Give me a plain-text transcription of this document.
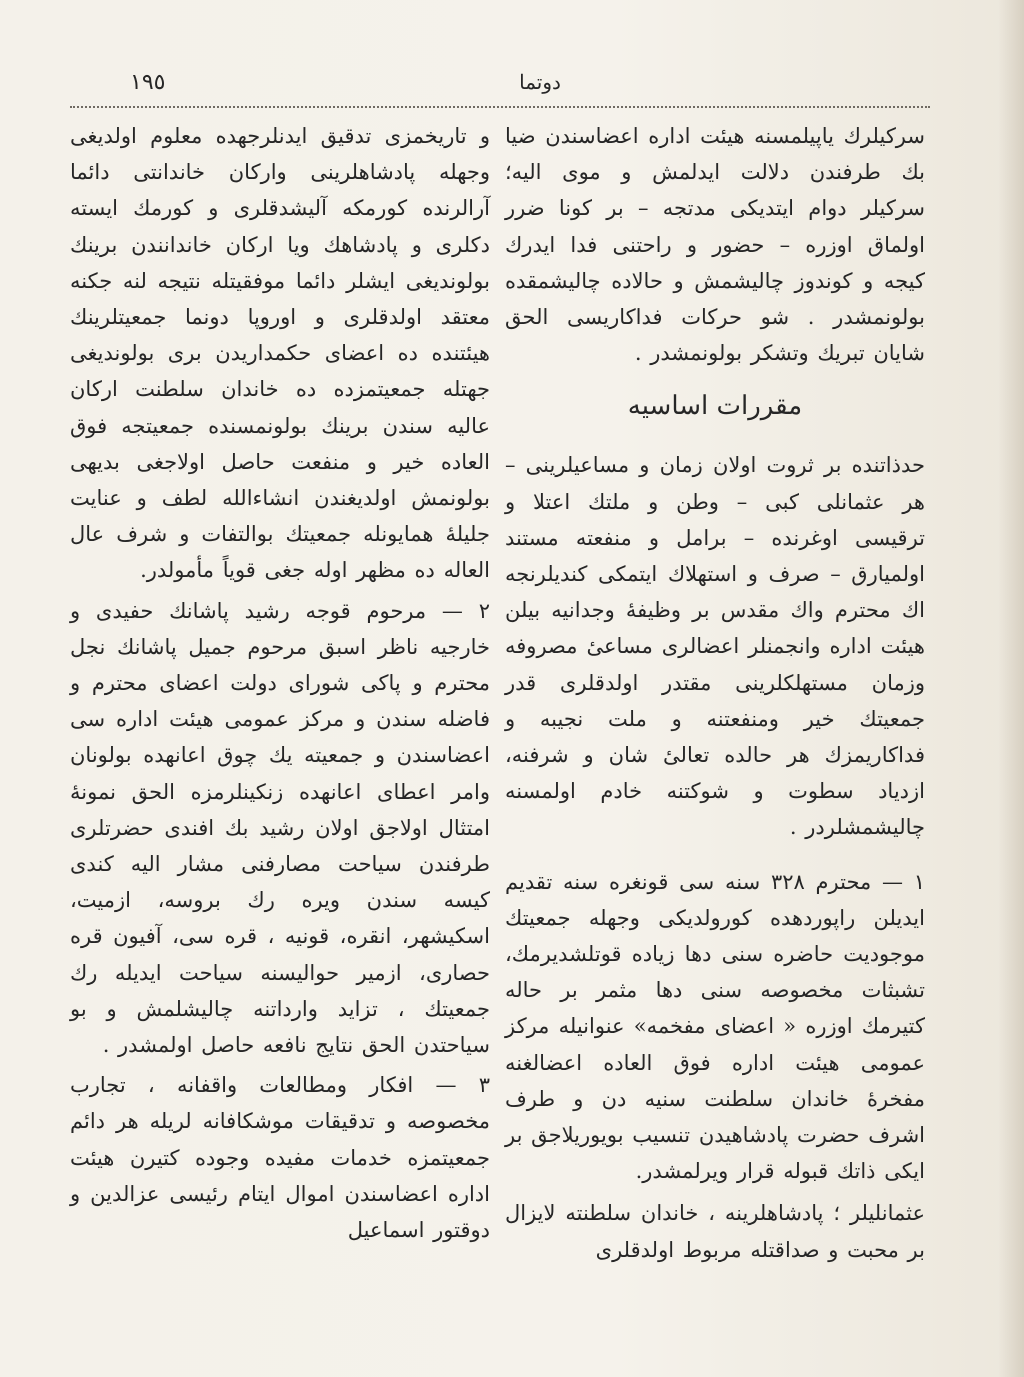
١٩٥	دوتما

سرکیلرك یاپیلمسنه هیئت اداره اعضاسندن ضیا بك طرفندن دلالت ایدلمش و موی الیه؛ سرکیلر دوام ایتدیکی مدتجه – بر کونا ضرر اولماق اوزره – حضور و راحتنی فدا ایدرك کیجه و کوندوز چالیشمش و حالاده چالیشمقده بولونمشدر . شو حرکات فداکاریسی الحق شایان تبریك وتشکر بولونمشدر .

مقررات اساسیه

حدذاتنده بر ثروت اولان زمان و مساعیلرینی – هر عثمانلی کبی – وطن و ملتك اعتلا و ترقیسی اوغرنده – برامل و منفعته مستند اولمیارق – صرف و استهلاك ایتمکی کندیلرنجه اك محترم واك مقدس بر وظیفهٔ وجدانیه بیلن هیئت اداره وانجمنلر اعضالری مساعیٔ مصروفه وزمان مستهلکلرینی مقتدر اولدقلری قدر جمعیتك خیر ومنفعتنه و ملت نجیبه و فداکاریمزك هر حالده تعالیٔ شان و شرفنه، ازدیاد سطوت و شوکتنه خادم اولمسنه چالیشمشلردر .

١ — محترم ٣٢٨ سنه سی قونغره سنه تقدیم ایدیلن راپوردهده کورولدیکی وجهله جمعیتك موجودیت حاضره سنی دها زیاده قوتلشدیرمك، تشبثات مخصوصه سنی دها مثمر بر حاله کتیرمك اوزره « اعضای مفخمه» عنوانیله مرکز عمومی هیئت اداره فوق العاده اعضالغنه مفخرهٔ خاندان سلطنت سنیه دن و طرف اشرف حضرت پادشاهیدن تنسیب بویوریلاجق بر ایکی ذاتك قبوله قرار ویرلمشدر.

عثمانلیلر ؛ پادشاهلرینه ، خاندان سلطنته لایزال بر محبت و صداقتله مربوط اولدقلری

و تاریخمزی تدقیق ایدنلرجهده معلوم اولدیغی وجهله پادشاهلرینی وارکان خاندانتی دائما آرالرنده کورمکه آلیشدقلری و کورمك ایسته دکلری و پادشاهك ویا ارکان خاندانندن برینك بولوندیغی ایشلر دائما موفقیتله نتیجه لنه جکنه معتقد اولدقلری و اوروپا دونما جمعیتلرینك هیئتنده ده اعضای حکمداریدن بری بولوندیغی جهتله جمعیتمزده ده خاندان سلطنت ارکان عالیه سندن برینك بولونمسنده جمعیتجه فوق العاده خیر و منفعت حاصل اولاجغی بدیهی بولونمش اولدیغندن انشاءالله لطف و عنایت جلیلهٔ همایونله جمعیتك بوالتفات و شرف عال العاله ده مظهر اوله جغی قویاً مأمولدر.

٢ — مرحوم قوجه رشید پاشانك حفیدی و خارجیه ناظر اسبق مرحوم جمیل پاشانك نجل محترم و پاکی شورای دولت اعضای محترم و فاضله سندن و مرکز عمومی هیئت اداره سی اعضاسندن و جمعیته یك چوق اعانهده بولونان وامر اعطای اعانهده زنکینلرمزه الحق نمونهٔ امتثال اولاجق اولان رشید بك افندی حضرتلری طرفندن سیاحت مصارفنی مشار الیه کندی کیسه سندن ویره رك بروسه، ازمیت، اسکیشهر، انقره، قونیه ، قره سی، آفیون قره حصاری، ازمیر حوالیسنه سیاحت ایدیله رك جمعیتك ، تزاید وارداتنه چالیشلمش و بو سیاحتدن الحق نتایج نافعه حاصل اولمشدر .

٣ — افکار ومطالعات واقفانه ، تجارب مخصوصه و تدقیقات موشکافانه لریله هر دائم جمعیتمزه خدمات مفیده وجوده کتیرن هیئت اداره اعضاسندن اموال ایتام رئیسی عزالدین و دوقتور اسماعیل
